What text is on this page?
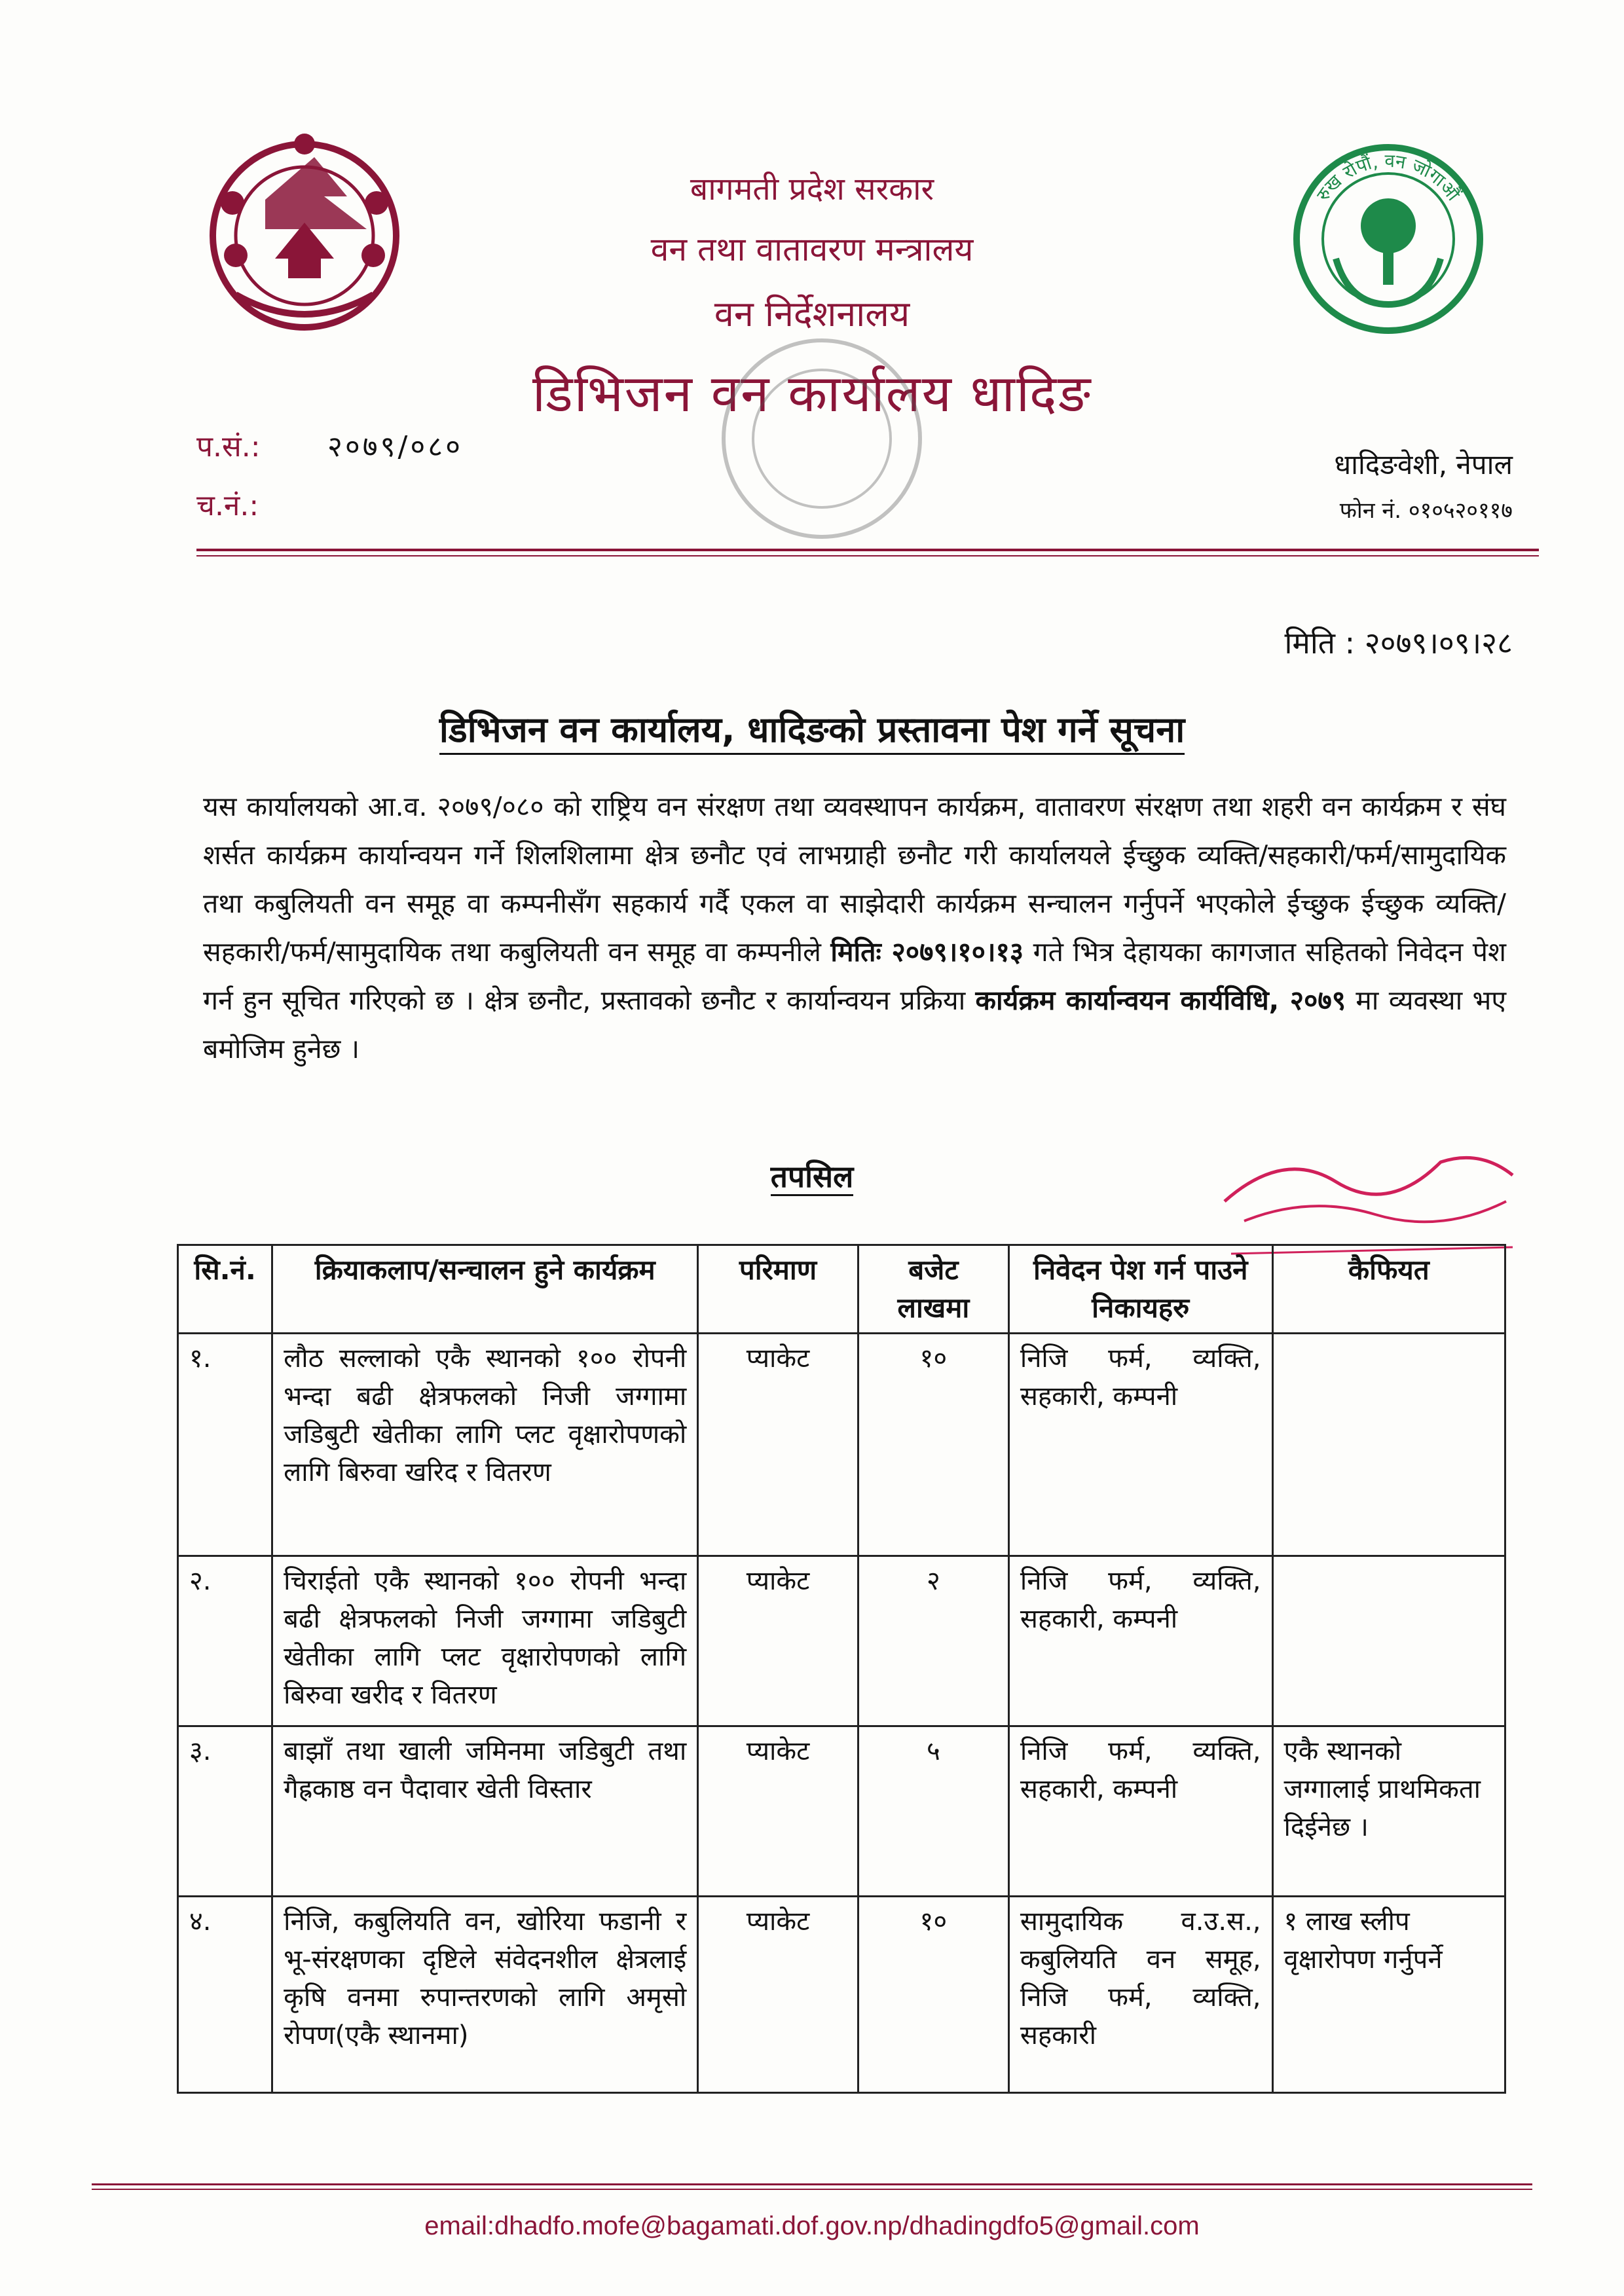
बागमती प्रदेश सरकार
वन तथा वातावरण मन्त्रालय
वन निर्देशनालय
डिभिजन वन कार्यालय धादिङ
रुख रोपौं, वन जोगाऔं
प.सं.: २०७९/०८०
च.नं.:
धादिङवेशी, नेपाल
फोन नं. ०१०५२०११७
मिति : २०७९।०९।२८
डिभिजन वन कार्यालय, धादिङको प्रस्तावना पेश गर्ने सूचना
यस कार्यालयको आ.व. २०७९/०८० को राष्ट्रिय वन संरक्षण तथा व्यवस्थापन कार्यक्रम, वातावरण संरक्षण तथा शहरी वन कार्यक्रम र संघ शर्सत कार्यक्रम कार्यान्वयन गर्ने शिलशिलामा क्षेत्र छनौट एवं लाभग्राही छनौट गरी कार्यालयले ईच्छुक व्यक्ति/सहकारी/फर्म/सामुदायिक तथा कबुलियती वन समूह वा कम्पनीसँग सहकार्य गर्दै एकल वा साझेदारी कार्यक्रम सन्चालन गर्नुपर्ने भएकोले ईच्छुक ईच्छुक व्यक्ति/सहकारी/फर्म/सामुदायिक तथा कबुलियती वन समूह वा कम्पनीले मितिः २०७९।१०।१३ गते भित्र देहायका कागजात सहितको निवेदन पेश गर्न हुन सूचित गरिएको छ । क्षेत्र छनौट, प्रस्तावको छनौट र कार्यान्वयन प्रक्रिया कार्यक्रम कार्यान्वयन कार्यविधि, २०७९ मा व्यवस्था भए बमोजिम हुनेछ ।
तपसिल
सि.नं.	क्रियाकलाप/सन्चालन हुने कार्यक्रम	परिमाण	बजेट लाखमा	निवेदन पेश गर्न पाउने निकायहरु	कैफियत
१.	लौठ सल्लाको एकै स्थानको १०० रोपनी भन्दा बढी क्षेत्रफलको निजी जग्गामा जडिबुटी खेतीका लागि प्लट वृक्षारोपणको लागि बिरुवा खरिद र वितरण	प्याकेट	१०	निजि फर्म, व्यक्ति, सहकारी, कम्पनी	
२.	चिराईतो एकै स्थानको १०० रोपनी भन्दा बढी क्षेत्रफलको निजी जग्गामा जडिबुटी खेतीका लागि प्लट वृक्षारोपणको लागि बिरुवा खरीद र वितरण	प्याकेट	२	निजि फर्म, व्यक्ति, सहकारी, कम्पनी	
३.	बाझाँ तथा खाली जमिनमा जडिबुटी तथा गैह्रकाष्ठ वन पैदावार खेती विस्तार	प्याकेट	५	निजि फर्म, व्यक्ति, सहकारी, कम्पनी	एकै स्थानको जग्गालाई प्राथमिकता दिईनेछ ।
४.	निजि, कबुलियति वन, खोरिया फडानी र भू-संरक्षणका दृष्टिले संवेदनशील क्षेत्रलाई कृषि वनमा रुपान्तरणको लागि अमृसो रोपण(एकै स्थानमा)	प्याकेट	१०	सामुदायिक व.उ.स., कबुलियति वन समूह, निजि फर्म, व्यक्ति, सहकारी	१ लाख स्लीप वृक्षारोपण गर्नुपर्ने
email:dhadfo.mofe@bagamati.dof.gov.np/dhadingdfo5@gmail.com
